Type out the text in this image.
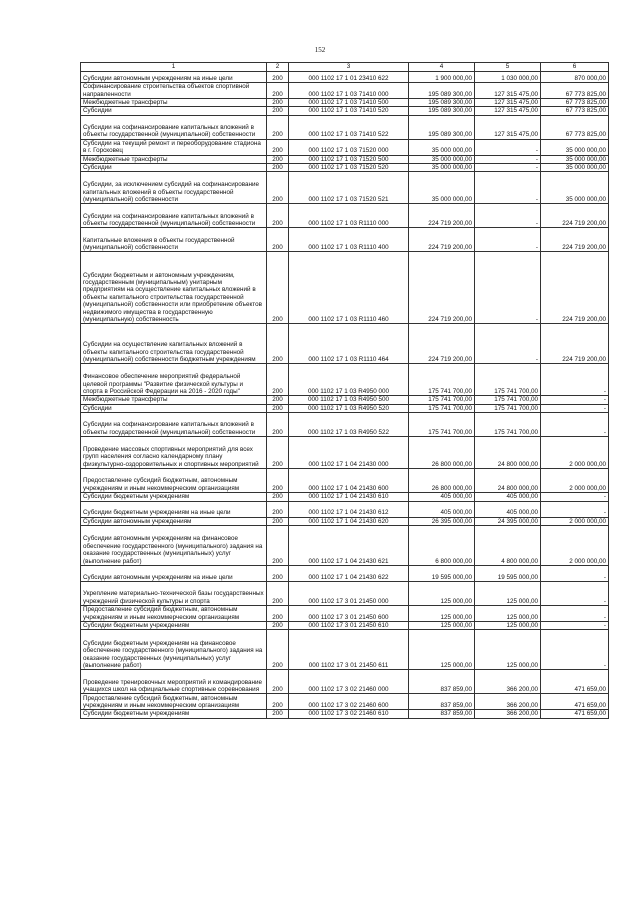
152
1	2	3	4	5	6
Субсидии автономным учреждениям на иные цели	200	000 1102 17 1 01 23410 622	1 900 000,00	1 030 000,00	870 000,00
Софинансирование строительства объектов спортивной направленности	200	000 1102 17 1 03 71410 000	195 089 300,00	127 315 475,00	67 773 825,00
Межбюджетные трансферты	200	000 1102 17 1 03 71410 500	195 089 300,00	127 315 475,00	67 773 825,00
Субсидии	200	000 1102 17 1 03 71410 520	195 089 300,00	127 315 475,00	67 773 825,00
Субсидии на софинансирование капитальных вложений в объекты государственной (муниципальной) собственности	200	000 1102 17 1 03 71410 522	195 089 300,00	127 315 475,00	67 773 825,00
Субсидии на текущий ремонт и переоборудование стадиона в г. Горсковец	200	000 1102 17 1 03 71520 000	35 000 000,00	-	35 000 000,00
Межбюджетные трансферты	200	000 1102 17 1 03 71520 500	35 000 000,00	-	35 000 000,00
Субсидии	200	000 1102 17 1 03 71520 520	35 000 000,00	-	35 000 000,00
Субсидии, за исключением субсидий на софинансирование капитальных вложений в объекты государственной (муниципальной) собственности	200	000 1102 17 1 03 71520 521	35 000 000,00	-	35 000 000,00
Субсидии на софинансирование капитальных вложений в объекты государственной (муниципальной) собственности	200	000 1102 17 1 03 R1110 000	224 719 200,00	-	224 719 200,00
Капитальные вложения в объекты государственной (муниципальной) собственности	200	000 1102 17 1 03 R1110 400	224 719 200,00	-	224 719 200,00
Субсидии бюджетным и автономным учреждениям, государственным (муниципальным) унитарным предприятиям на осуществление капитальных вложений в объекты капитального строительства государственной (муниципальной) собственности или приобретение объектов недвижимого имущества в государственную (муниципальную) собственность	200	000 1102 17 1 03 R1110 460	224 719 200,00	-	224 719 200,00
Субсидии на осуществление капитальных вложений в объекты капитального строительства государственной (муниципальной) собственности бюджетным учреждениям	200	000 1102 17 1 03 R1110 464	224 719 200,00	-	224 719 200,00
Финансовое обеспечение мероприятий федеральной целевой программы "Развитие физической культуры и спорта в Российской Федерации на 2016 - 2020 годы"	200	000 1102 17 1 03 R4950 000	175 741 700,00	175 741 700,00	-
Межбюджетные трансферты	200	000 1102 17 1 03 R4950 500	175 741 700,00	175 741 700,00	-
Субсидии	200	000 1102 17 1 03 R4950 520	175 741 700,00	175 741 700,00	-
Субсидии на софинансирование капитальных вложений в объекты государственной (муниципальной) собственности	200	000 1102 17 1 03 R4950 522	175 741 700,00	175 741 700,00	-
Проведение массовых спортивных мероприятий для всех групп населения согласно календарному плану физкультурно-оздоровительных и спортивных мероприятий	200	000 1102 17 1 04 21430 000	26 800 000,00	24 800 000,00	2 000 000,00
Предоставление субсидий бюджетным, автономным учреждениям и иным некоммерческим организациям	200	000 1102 17 1 04 21430 600	26 800 000,00	24 800 000,00	2 000 000,00
Субсидии бюджетным учреждениям	200	000 1102 17 1 04 21430 610	405 000,00	405 000,00	-
Субсидии бюджетным учреждениям на иные цели	200	000 1102 17 1 04 21430 612	405 000,00	405 000,00	-
Субсидии автономным учреждениям	200	000 1102 17 1 04 21430 620	26 395 000,00	24 395 000,00	2 000 000,00
Субсидии автономным учреждениям на финансовое обеспечение государственного (муниципального) задания на оказание государственных (муниципальных) услуг (выполнение работ)	200	000 1102 17 1 04 21430 621	6 800 000,00	4 800 000,00	2 000 000,00
Субсидии автономным учреждениям на иные цели	200	000 1102 17 1 04 21430 622	19 595 000,00	19 595 000,00	-
Укрепление материально-технической базы государственных учреждений физической культуры и спорта	200	000 1102 17 3 01 21450 000	125 000,00	125 000,00	-
Предоставление субсидий бюджетным, автономным учреждениям и иным некоммерческим организациям	200	000 1102 17 3 01 21450 600	125 000,00	125 000,00	-
Субсидии бюджетным учреждениям	200	000 1102 17 3 01 21450 610	125 000,00	125 000,00	-
Субсидии бюджетным учреждениям на финансовое обеспечение государственного (муниципального) задания на оказание государственных (муниципальных) услуг (выполнение работ)	200	000 1102 17 3 01 21450 611	125 000,00	125 000,00	-
Проведение тренировочных мероприятий и командирование учащихся школ на официальные спортивные соревнования	200	000 1102 17 3 02 21460 000	837 859,00	366 200,00	471 659,00
Предоставление субсидий бюджетным, автономным учреждениям и иным некоммерческим организациям	200	000 1102 17 3 02 21460 600	837 859,00	366 200,00	471 659,00
Субсидии бюджетным учреждениям	200	000 1102 17 3 02 21460 610	837 859,00	366 200,00	471 659,00
